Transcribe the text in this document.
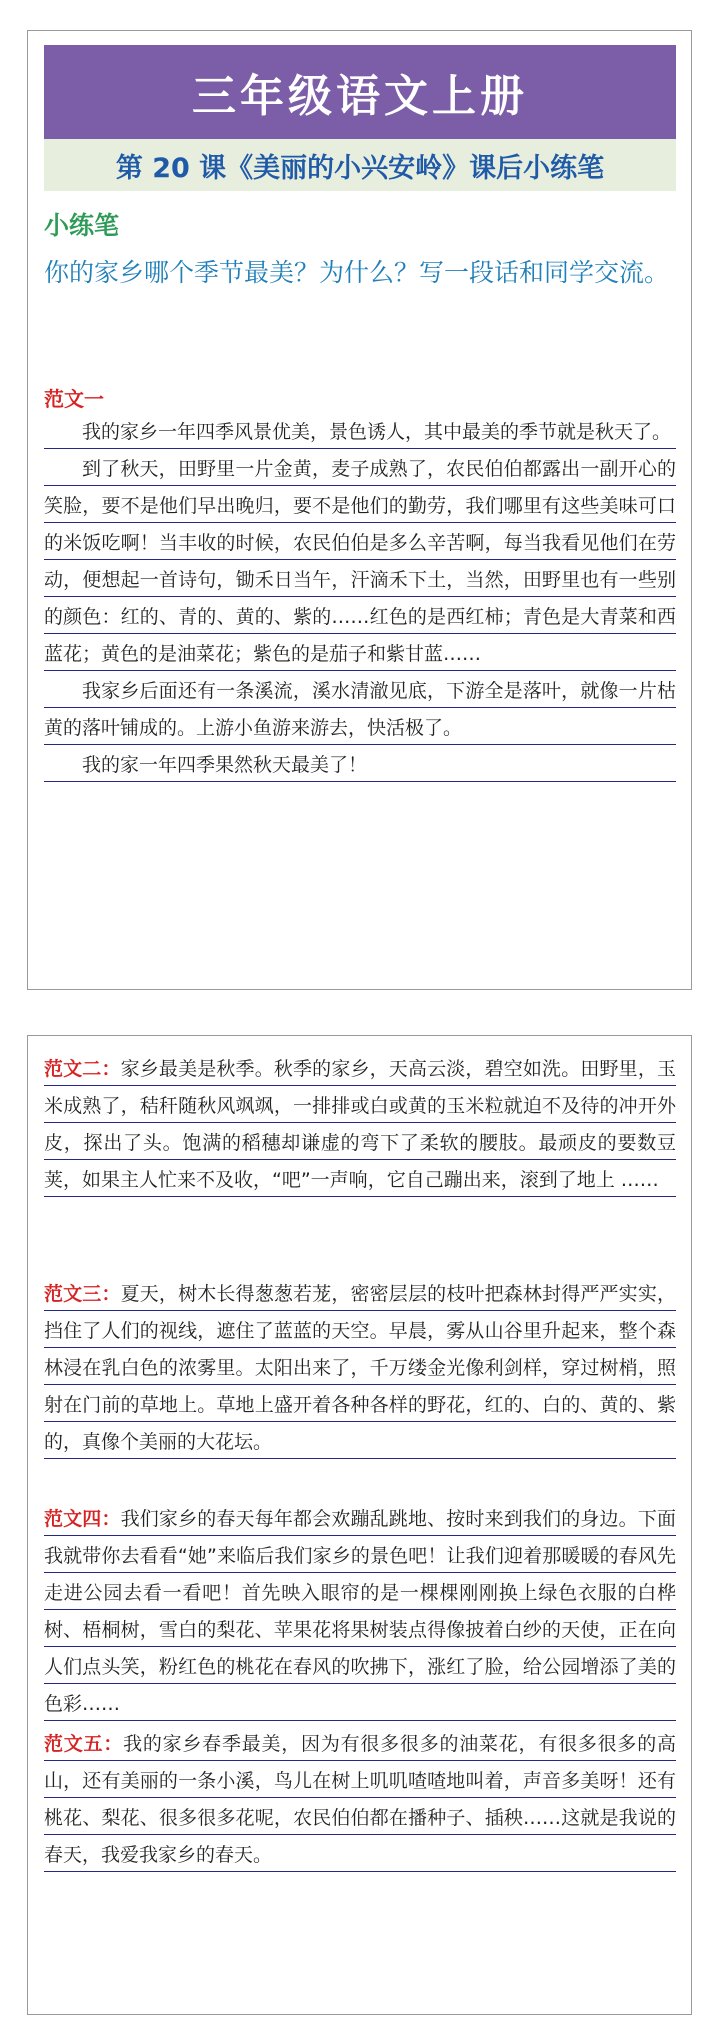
三年级语文上册
第 20 课《美丽的小兴安岭》课后小练笔
小练笔
你的家乡哪个季节最美？为什么？写一段话和同学交流。
范文一

我的家乡一年四季风景优美，景色诱人，其中最美的季节就是秋天了。

到了秋天，田野里一片金黄，麦子成熟了，农民伯伯都露出一副开心的笑脸，要不是他们早出晚归，要不是他们的勤劳，我们哪里有这些美味可口的米饭吃啊！当丰收的时候，农民伯伯是多么辛苦啊，每当我看见他们在劳动，便想起一首诗句，锄禾日当午，汗滴禾下土，当然，田野里也有一些别的颜色：红的、青的、黄的、紫的……红色的是西红柿；青色是大青菜和西蓝花；黄色的是油菜花；紫色的是茄子和紫甘蓝……

我家乡后面还有一条溪流，溪水清澈见底，下游全是落叶，就像一片枯黄的落叶铺成的。上游小鱼游来游去，快活极了。

我的家一年四季果然秋天最美了！

范文二：家乡最美是秋季。秋季的家乡，天高云淡，碧空如洗。田野里，玉米成熟了，秸秆随秋风飒飒，一排排或白或黄的玉米粒就迫不及待的冲开外皮，探出了头。饱满的稻穗却谦虚的弯下了柔软的腰肢。最顽皮的要数豆荚，如果主人忙来不及收，“吧”一声响，它自己蹦出来，滚到了地上 ……

范文三：夏天，树木长得葱葱若茏，密密层层的枝叶把森林封得严严实实，挡住了人们的视线，遮住了蓝蓝的天空。早晨，雾从山谷里升起来，整个森林浸在乳白色的浓雾里。太阳出来了，千万缕金光像利剑样，穿过树梢，照射在门前的草地上。草地上盛开着各种各样的野花，红的、白的、黄的、紫的，真像个美丽的大花坛。

范文四：我们家乡的春天每年都会欢蹦乱跳地、按时来到我们的身边。下面我就带你去看看“她”来临后我们家乡的景色吧！让我们迎着那暖暖的春风先走进公园去看一看吧！首先映入眼帘的是一棵棵刚刚换上绿色衣服的白桦树、梧桐树，雪白的梨花、苹果花将果树装点得像披着白纱的天使，正在向人们点头笑，粉红色的桃花在春风的吹拂下，涨红了脸，给公园增添了美的色彩……

范文五：我的家乡春季最美，因为有很多很多的油菜花，有很多很多的高山，还有美丽的一条小溪，鸟儿在树上叽叽喳喳地叫着，声音多美呀！还有桃花、梨花、很多很多花呢，农民伯伯都在播种子、插秧……这就是我说的春天，我爱我家乡的春天。
